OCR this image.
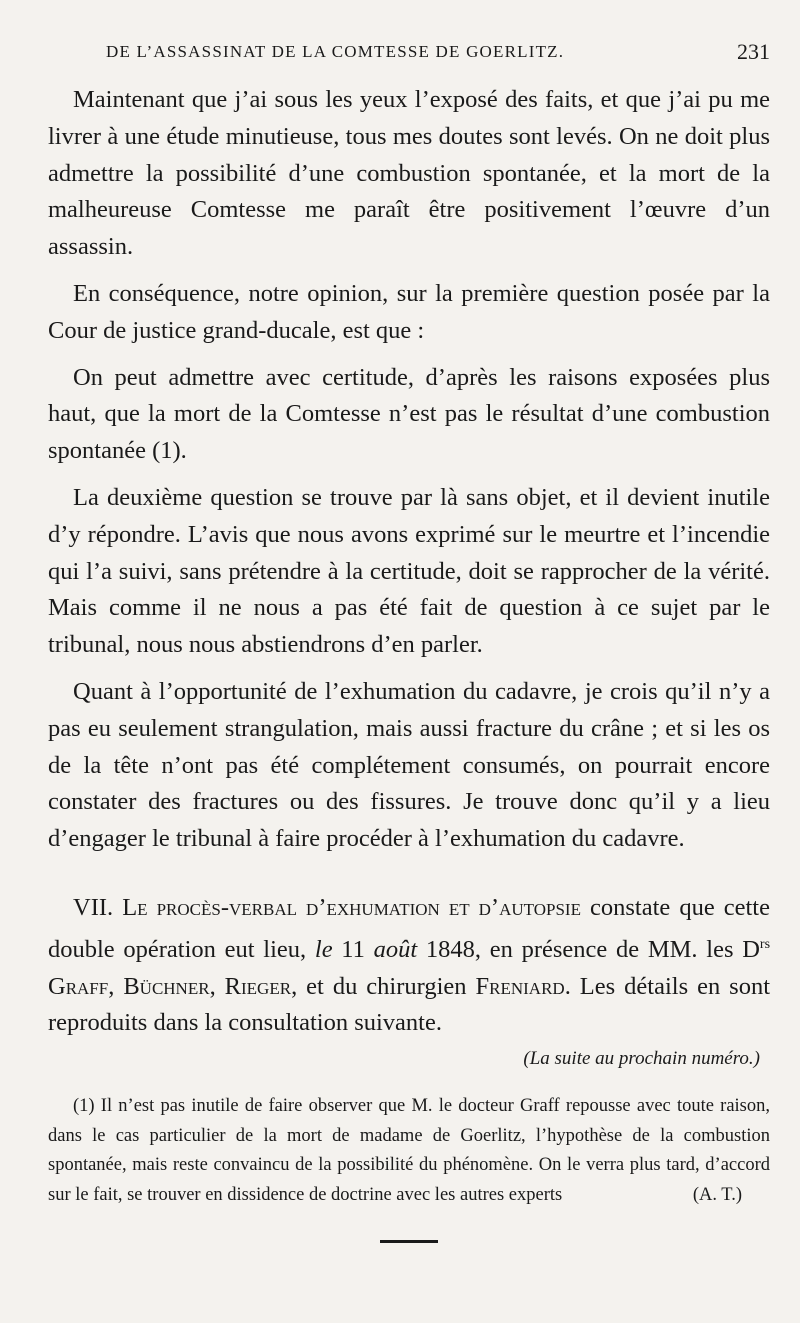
DE L’ASSASSINAT DE LA COMTESSE DE GOERLITZ.	231

Maintenant que j’ai sous les yeux l’exposé des faits, et que j’ai pu me livrer à une étude minutieuse, tous mes doutes sont levés. On ne doit plus admettre la possibilité d’une combustion spontanée, et la mort de la malheureuse Comtesse me paraît être positivement l’œuvre d’un assassin.

En conséquence, notre opinion, sur la première question posée par la Cour de justice grand-ducale, est que :

On peut admettre avec certitude, d’après les raisons exposées plus haut, que la mort de la Comtesse n’est pas le résultat d’une combustion spontanée (1).

La deuxième question se trouve par là sans objet, et il devient inutile d’y répondre. L’avis que nous avons exprimé sur le meurtre et l’incendie qui l’a suivi, sans prétendre à la certitude, doit se rapprocher de la vérité. Mais comme il ne nous a pas été fait de question à ce sujet par le tribunal, nous nous abstiendrons d’en parler.

Quant à l’opportunité de l’exhumation du cadavre, je crois qu’il n’y a pas eu seulement strangulation, mais aussi fracture du crâne ; et si les os de la tête n’ont pas été complétement consumés, on pourrait encore constater des fractures ou des fissures. Je trouve donc qu’il y a lieu d’engager le tribunal à faire procéder à l’exhumation du cadavre.

VII. Le procès-verbal d’exhumation et d’autopsie constate que cette double opération eut lieu, le 11 août 1848, en présence de MM. les $D^{rs}$ Graff, Büchner, Rieger, et du chirurgien Freniard. Les détails en sont reproduits dans la consultation suivante.

(La suite au prochain numéro.)
(1) Il n’est pas inutile de faire observer que M. le docteur Graff repousse avec toute raison, dans le cas particulier de la mort de madame de Goerlitz, l’hypothèse de la combustion spontanée, mais reste convaincu de la possibilité du phénomène. On le verra plus tard, d’accord sur le fait, se trouver en dissidence de doctrine avec les autres experts	(A. T.)
